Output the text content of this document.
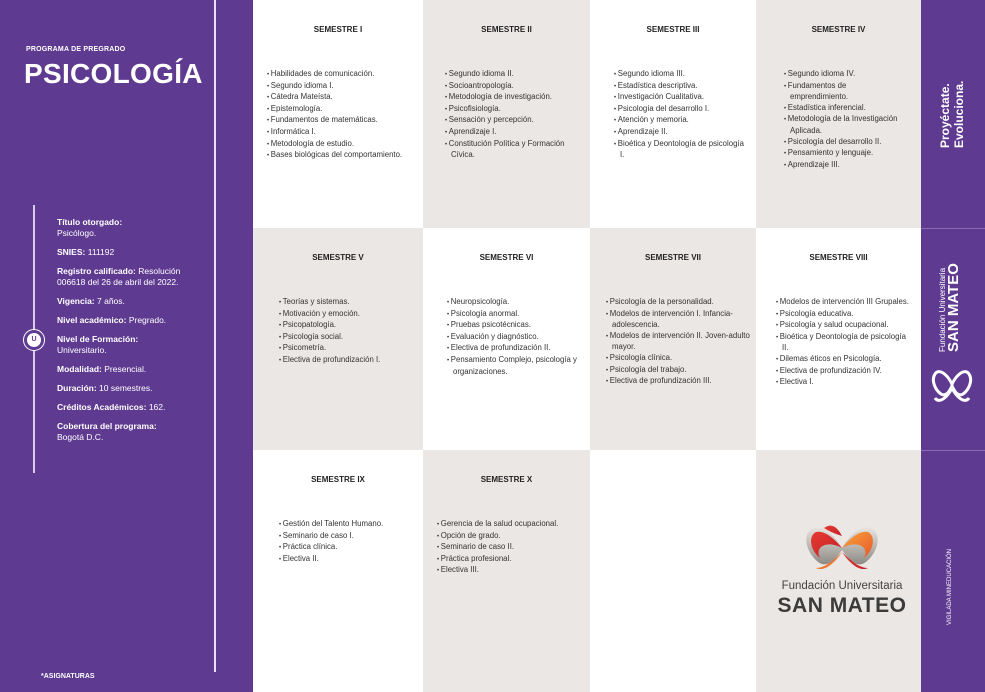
PROGRAMA DE PREGRADO
PSICOLOGÍA
Título otorgado:
Psicólogo.
SNIES: 111192
Registro calificado: Resolución 006618 del 26 de abril del 2022.
Vigencia: 7 años.
Nivel académico: Pregrado.
Nivel de Formación:
Universitario.
Modalidad: Presencial.
Duración: 10 semestres.
Créditos Académicos: 162.
Cobertura del programa:
Bogotá D.C.
U
*ASIGNATURAS
SEMESTRE I
• Habilidades de comunicación.
• Segundo idioma I.
• Cátedra Mateísta.
• Epistemología.
• Fundamentos de matemáticas.
• Informática I.
• Metodología de estudio.
• Bases biológicas del comportamiento.
SEMESTRE II
• Segundo idioma II.
• Socioantropología.
• Metodología de investigación.
• Psicofisiología.
• Sensación y percepción.
• Aprendizaje I.
• Constitución Política y Formación Cívica.
SEMESTRE III
• Segundo idioma III.
• Estadística descriptiva.
• Investigación Cualitativa.
• Psicología del desarrollo I.
• Atención y memoria.
• Aprendizaje II.
• Bioética y Deontología de psicología I.
SEMESTRE IV
• Segundo idioma IV.
• Fundamentos de emprendimiento.
• Estadística inferencial.
• Metodología de la Investigación Aplicada.
• Psicología del desarrollo II.
• Pensamiento y lenguaje.
• Aprendizaje III.
SEMESTRE V
• Teorías y sistemas.
• Motivación y emoción.
• Psicopatología.
• Psicología social.
• Psicometría.
• Electiva de profundización I.
SEMESTRE VI
• Neuropsicología.
• Psicología anormal.
• Pruebas psicotécnicas.
• Evaluación y diagnóstico.
• Electiva de profundización II.
• Pensamiento Complejo, psicología y organizaciones.
SEMESTRE VII
• Psicología de la personalidad.
• Modelos de intervención I. Infancia-adolescencia.
• Modelos de intervención II. Joven-adulto mayor.
• Psicología clínica.
• Psicología del trabajo.
• Electiva de profundización III.
SEMESTRE VIII
• Modelos de intervención III Grupales.
• Psicología educativa.
• Psicología y salud ocupacional.
• Bioética y Deontología de psicología II.
• Dilemas éticos en Psicología.
• Electiva de profundización IV.
• Electiva I.
SEMESTRE IX
• Gestión del Talento Humano.
• Seminario de caso I.
• Práctica clínica.
• Electiva II.
SEMESTRE X
• Gerencia de la salud ocupacional.
• Opción de grado.
• Seminario de caso II.
• Práctica profesional.
• Electiva III.
Fundación Universitaria
SAN MATEO
Proyéctate. Evoluciona.
Fundación Universitaria
SAN MATEO
VIGILADA MINEDUCACIÓN
